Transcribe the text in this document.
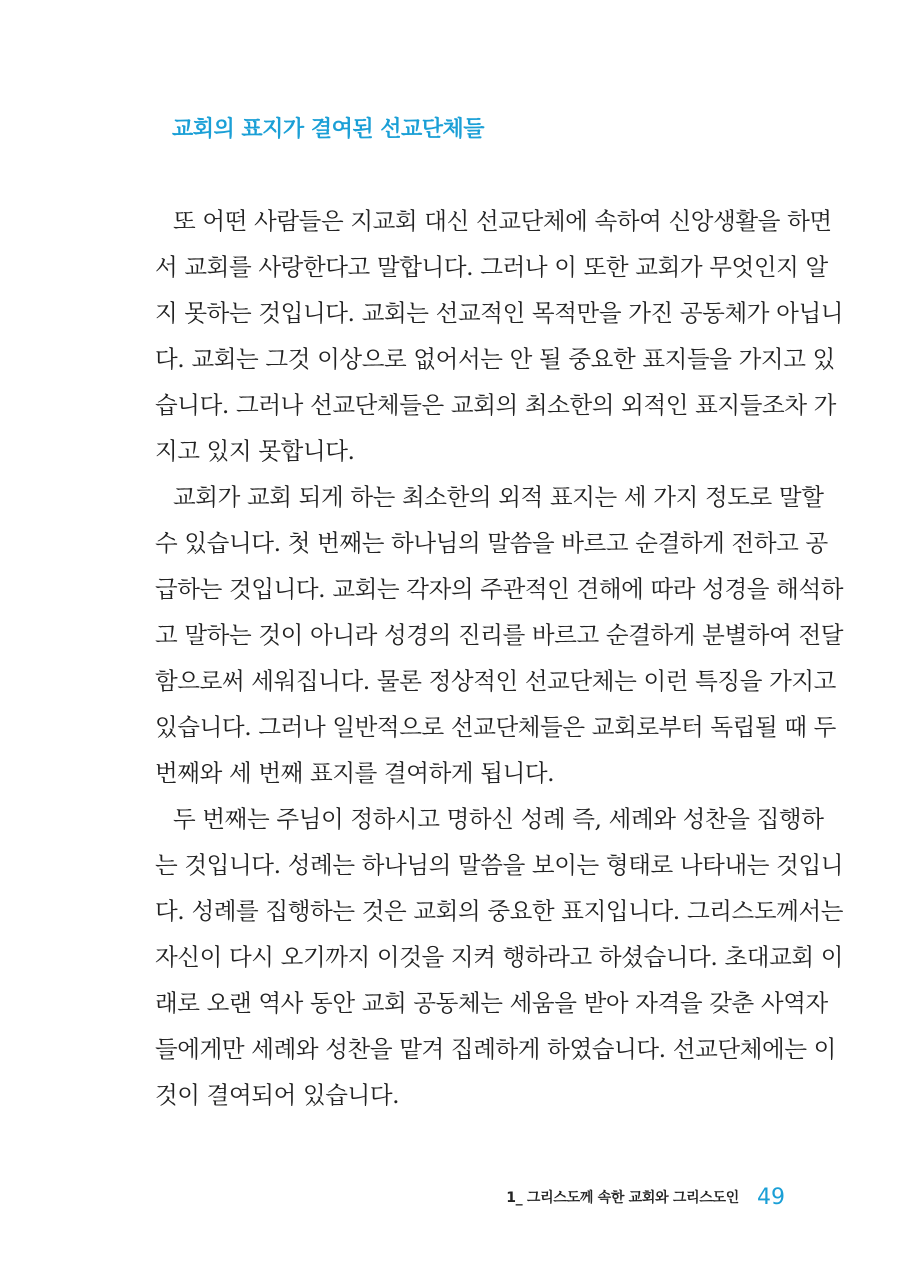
교회의 표지가 결여된 선교단체들
또 어떤 사람들은 지교회 대신 선교단체에 속하여 신앙생활을 하면
서 교회를 사랑한다고 말합니다. 그러나 이 또한 교회가 무엇인지 알
지 못하는 것입니다. 교회는 선교적인 목적만을 가진 공동체가 아닙니
다. 교회는 그것 이상으로 없어서는 안 될 중요한 표지들을 가지고 있
습니다. 그러나 선교단체들은 교회의 최소한의 외적인 표지들조차 가
지고 있지 못합니다.
교회가 교회 되게 하는 최소한의 외적 표지는 세 가지 정도로 말할
수 있습니다. 첫 번째는 하나님의 말씀을 바르고 순결하게 전하고 공
급하는 것입니다. 교회는 각자의 주관적인 견해에 따라 성경을 해석하
고 말하는 것이 아니라 성경의 진리를 바르고 순결하게 분별하여 전달
함으로써 세워집니다. 물론 정상적인 선교단체는 이런 특징을 가지고
있습니다. 그러나 일반적으로 선교단체들은 교회로부터 독립될 때 두
번째와 세 번째 표지를 결여하게 됩니다.
두 번째는 주님이 정하시고 명하신 성례 즉, 세례와 성찬을 집행하
는 것입니다. 성례는 하나님의 말씀을 보이는 형태로 나타내는 것입니
다. 성례를 집행하는 것은 교회의 중요한 표지입니다. 그리스도께서는
자신이 다시 오기까지 이것을 지켜 행하라고 하셨습니다. 초대교회 이
래로 오랜 역사 동안 교회 공동체는 세움을 받아 자격을 갖춘 사역자
들에게만 세례와 성찬을 맡겨 집례하게 하였습니다. 선교단체에는 이
것이 결여되어 있습니다.
1_ 그리스도께 속한 교회와 그리스도인 49
